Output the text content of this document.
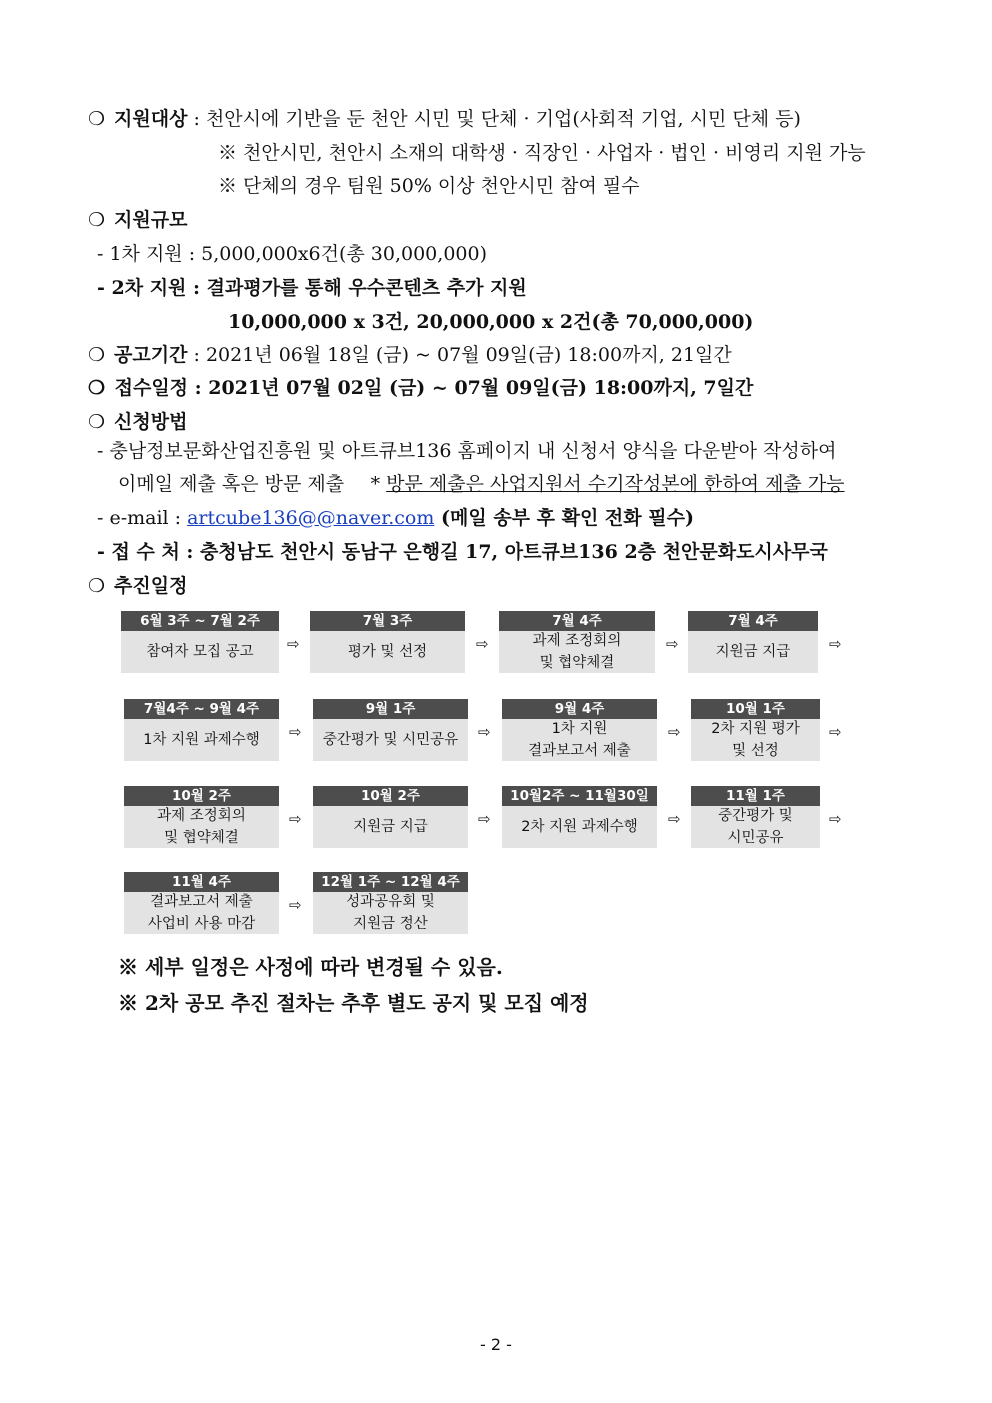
❍ 지원대상 : 천안시에 기반을 둔 천안 시민 및 단체 · 기업(사회적 기업, 시민 단체 등)
※ 천안시민, 천안시 소재의 대학생 · 직장인 · 사업자 · 법인 · 비영리 지원 가능
※ 단체의 경우 팀원 50% 이상 천안시민 참여 필수
❍ 지원규모
- 1차 지원 : 5,000,000x6건(총 30,000,000)
- 2차 지원 : 결과평가를 통해 우수콘텐츠 추가 지원
10,000,000 x 3건, 20,000,000 x 2건(총 70,000,000)
❍ 공고기간 : 2021년 06월 18일 (금) ~ 07월 09일(금) 18:00까지, 21일간
❍ 접수일정 : 2021년 07월 02일 (금) ~ 07월 09일(금) 18:00까지, 7일간
❍ 신청방법
- 충남정보문화산업진흥원 및 아트큐브136 홈페이지 내 신청서 양식을 다운받아 작성하여
이메일 제출 혹은 방문 제출 * 방문 제출은 사업지원서 수기작성본에 한하여 제출 가능
- e-mail : artcube136@@naver.com (메일 송부 후 확인 전화 필수)
- 접 수 처 : 충청남도 천안시 동남구 은행길 17, 아트큐브136 2층 천안문화도시사무국
❍ 추진일정
6월 3주 ~ 7월 2주
참여자 모집 공고 ⇨
7월 3주
평가 및 선정	⇨
7월 4주
과제 조정회의
및 협약체결
⇨
7월 4주
지원금 지급	⇨
7월4주 ~ 9월 4주
1차 지원 과제수행 ⇨
9월 1주
중간평가 및 시민공유 ⇨
9월 4주
1차 지원
결과보고서 제출
⇨
10월 1주
2차 지원 평가
및 선정
⇨
10월 2주
과제 조정회의
및 협약체결
⇨
10월 2주
지원금 지급	⇨
10월2주 ~ 11월30일
2차 지원 과제수행 ⇨
11월 1주
중간평가 및
시민공유
⇨
11월 4주
결과보고서 제출
사업비 사용 마감
⇨
12월 1주 ~ 12월 4주
성과공유회 및
지원금 정산
※ 세부 일정은 사정에 따라 변경될 수 있음.
※ 2차 공모 추진 절차는 추후 별도 공지 및 모집 예정
- 2 -
